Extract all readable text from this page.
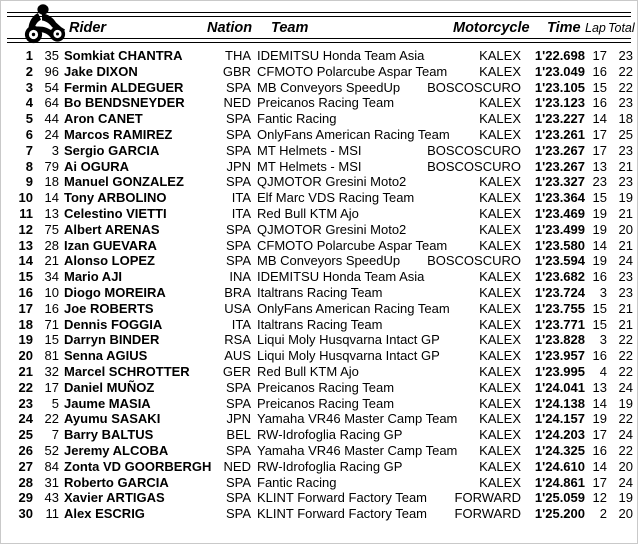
Rider	Nation Team	Motorcycle Time Lap Total
1 35 Somkiat CHANTRA	THA IDEMITSU Honda Team Asia	KALEX	1'22.698 17 23
2 96 Jake DIXON	GBR CFMOTO Polarcube Aspar Team	KALEX	1'23.049 16 22
3 54 Fermin ALDEGUER	SPA MB Conveyors SpeedUp	BOSCOSCURO	1'23.105 15 22
4 64 Bo BENDSNEYDER	NED Preicanos Racing Team	KALEX	1'23.123 16 23
5 44 Aron CANET	SPA Fantic Racing	KALEX	1'23.227 14 18
6 24 Marcos RAMIREZ	SPA OnlyFans American Racing Team	KALEX	1'23.261 17 25
7	3 Sergio GARCIA	SPA MT Helmets - MSI	BOSCOSCURO	1'23.267 17 23
8 79 Ai OGURA	JPN MT Helmets - MSI	BOSCOSCURO	1'23.267 13 21
9 18 Manuel GONZALEZ	SPA QJMOTOR Gresini Moto2	KALEX	1'23.327 23 23
10 14 Tony ARBOLINO	ITA Elf Marc VDS Racing Team	KALEX	1'23.364 15 19
11 13 Celestino VIETTI	ITA Red Bull KTM Ajo	KALEX	1'23.469 19 21
12 75 Albert ARENAS	SPA QJMOTOR Gresini Moto2	KALEX	1'23.499 19 20
13 28 Izan GUEVARA	SPA CFMOTO Polarcube Aspar Team	KALEX	1'23.580 14 21
14 21 Alonso LOPEZ	SPA MB Conveyors SpeedUp	BOSCOSCURO	1'23.594 19 24
15 34 Mario AJI	INA IDEMITSU Honda Team Asia	KALEX	1'23.682 16 23
16 10 Diogo MOREIRA	BRA Italtrans Racing Team	KALEX	1'23.724	3 23
17 16 Joe ROBERTS	USA OnlyFans American Racing Team	KALEX	1'23.755 15 21
18 71 Dennis FOGGIA	ITA Italtrans Racing Team	KALEX	1'23.771 15 21
19 15 Darryn BINDER	RSA Liqui Moly Husqvarna Intact GP	KALEX	1'23.828	3 22
20 81 Senna AGIUS	AUS Liqui Moly Husqvarna Intact GP	KALEX	1'23.957 16 22
21 32 Marcel SCHROTTER	GER Red Bull KTM Ajo	KALEX	1'23.995	4 22
22 17 Daniel MUÑOZ	SPA Preicanos Racing Team	KALEX	1'24.041 13 24
23	5 Jaume MASIA	SPA Preicanos Racing Team	KALEX	1'24.138 14 19
24 22 Ayumu SASAKI	JPN Yamaha VR46 Master Camp Team	KALEX	1'24.157 19 22
25	7 Barry BALTUS	BEL RW-Idrofoglia Racing GP	KALEX	1'24.203 17 24
26 52 Jeremy ALCOBA	SPA Yamaha VR46 Master Camp Team	KALEX	1'24.325 16 22
27 84 Zonta VD GOORBERGH NED RW-Idrofoglia Racing GP	KALEX	1'24.610 14 20
28 31 Roberto GARCIA	SPA Fantic Racing	KALEX	1'24.861 17 24
29 43 Xavier ARTIGAS	SPA KLINT Forward Factory Team	FORWARD	1'25.059 12 19
30 11 Alex ESCRIG	SPA KLINT Forward Factory Team	FORWARD	1'25.200	2 20
